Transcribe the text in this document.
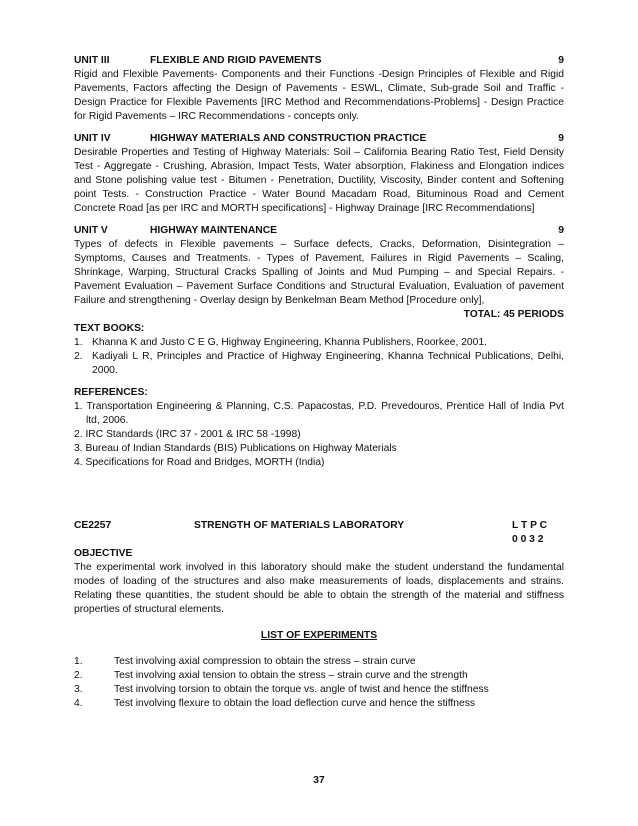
UNIT III	FLEXIBLE AND RIGID PAVEMENTS	9
Rigid and Flexible Pavements- Components and their Functions -Design Principles of Flexible and Rigid Pavements, Factors affecting the Design of Pavements - ESWL, Climate, Sub-grade Soil and Traffic - Design Practice for Flexible Pavements [IRC Method and Recommendations-Problems] - Design Practice for Rigid Pavements – IRC Recommendations - concepts only.
UNIT IV	HIGHWAY MATERIALS AND CONSTRUCTION PRACTICE	9
Desirable Properties and Testing of Highway Materials: Soil – California Bearing Ratio Test, Field Density Test - Aggregate - Crushing, Abrasion, Impact Tests, Water absorption, Flakiness and Elongation indices and Stone polishing value test - Bitumen - Penetration, Ductility, Viscosity, Binder content and Softening point Tests. - Construction Practice - Water Bound Macadam Road, Bituminous Road and Cement Concrete Road [as per IRC and MORTH specifications] - Highway Drainage [IRC Recommendations]
UNIT V	HIGHWAY MAINTENANCE	9
Types of defects in Flexible pavements – Surface defects, Cracks, Deformation, Disintegration – Symptoms, Causes and Treatments. - Types of Pavement, Failures in Rigid Pavements – Scaling, Shrinkage, Warping, Structural Cracks Spalling of Joints and Mud Pumping – and Special Repairs. - Pavement Evaluation – Pavement Surface Conditions and Structural Evaluation, Evaluation of pavement Failure and strengthening - Overlay design by Benkelman Beam Method [Procedure only],
TOTAL: 45 PERIODS
TEXT BOOKS:
1. Khanna K and Justo C E G, Highway Engineering, Khanna Publishers, Roorkee, 2001.
2. Kadiyali L R, Principles and Practice of Highway Engineering, Khanna Technical Publications, Delhi, 2000.
REFERENCES:
1. Transportation Engineering & Planning, C.S. Papacostas, P.D. Prevedouros, Prentice Hall of India Pvt ltd, 2006.
2. IRC Standards (IRC 37 - 2001 & IRC 58 -1998)
3. Bureau of Indian Standards (BIS) Publications on Highway Materials
4. Specifications for Road and Bridges, MORTH (India)
CE2257	STRENGTH OF MATERIALS LABORATORY	L T P C
0 0 3 2
OBJECTIVE
The experimental work involved in this laboratory should make the student understand the fundamental modes of loading of the structures and also make measurements of loads, displacements and strains. Relating these quantities, the student should be able to obtain the strength of the material and stiffness properties of structural elements.
LIST OF EXPERIMENTS
1.	Test involving axial compression to obtain the stress – strain curve
2.	Test involving axial tension to obtain the stress – strain curve and the strength
3.	Test involving torsion to obtain the torque vs. angle of twist and hence the stiffness
4.	Test involving flexure to obtain the load deflection curve and hence the stiffness
37
